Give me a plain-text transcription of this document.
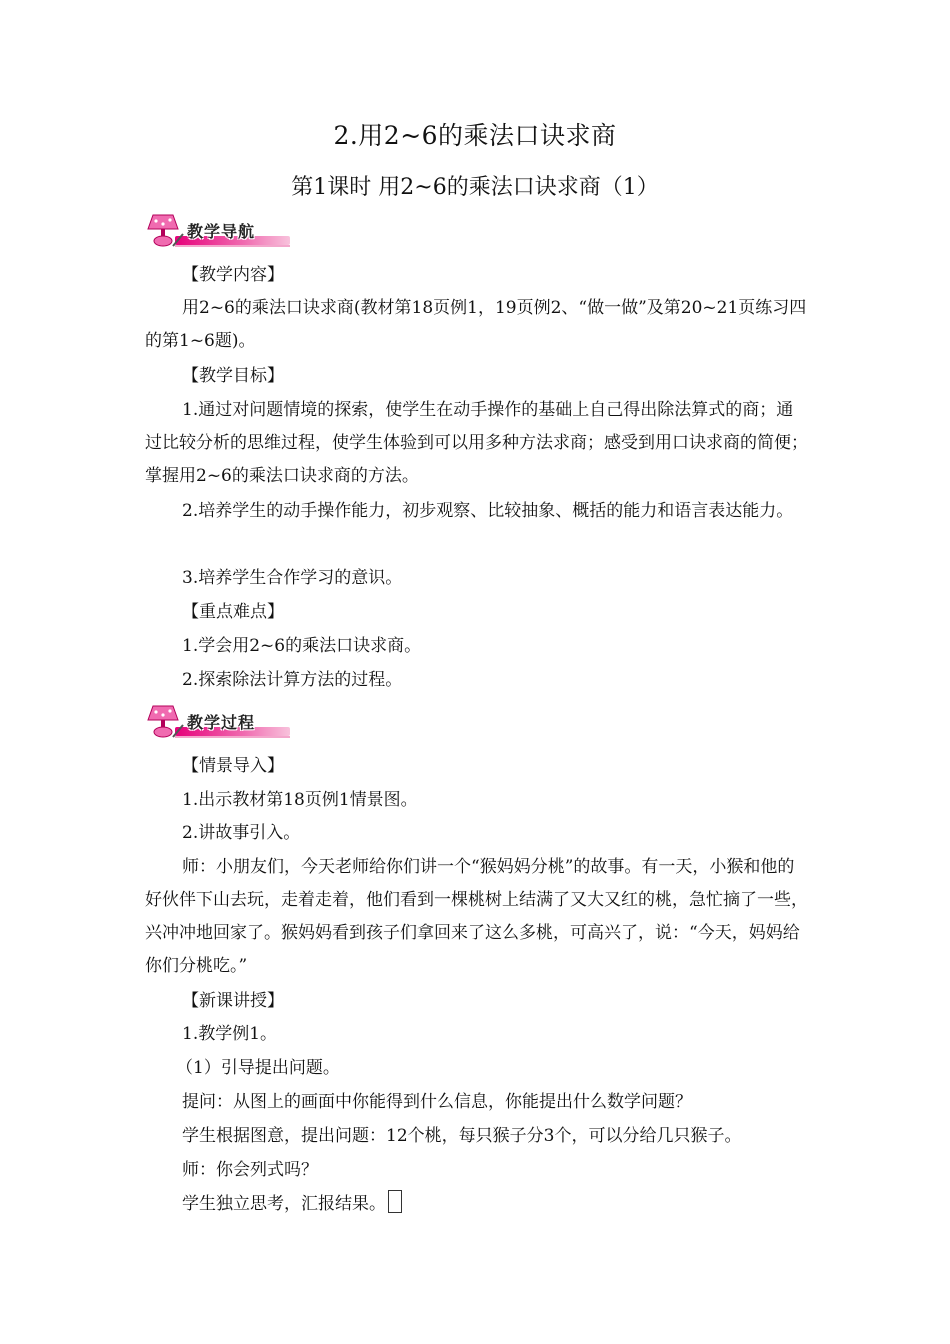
2.用2~6的乘法口诀求商
第1课时 用2~6的乘法口诀求商（1）
教学导航
【教学内容】
用2~6的乘法口诀求商(教材第18页例1，19页例2、“做一做”及第20~21页练习四的第1~6题)。
【教学目标】
1.通过对问题情境的探索，使学生在动手操作的基础上自己得出除法算式的商；通过比较分析的思维过程，使学生体验到可以用多种方法求商；感受到用口诀求商的简便；掌握用2~6的乘法口诀求商的方法。
2.培养学生的动手操作能力，初步观察、比较抽象、概括的能力和语言表达能力。
3.培养学生合作学习的意识。
【重点难点】
1.学会用2~6的乘法口诀求商。
2.探索除法计算方法的过程。
教学过程
【情景导入】
1.出示教材第18页例1情景图。
2.讲故事引入。
师：小朋友们，今天老师给你们讲一个“猴妈妈分桃”的故事。有一天，小猴和他的好伙伴下山去玩，走着走着，他们看到一棵桃树上结满了又大又红的桃，急忙摘了一些，兴冲冲地回家了。猴妈妈看到孩子们拿回来了这么多桃，可高兴了，说：“今天，妈妈给你们分桃吃。”
【新课讲授】
1.教学例1。
（1）引导提出问题。
提问：从图上的画面中你能得到什么信息，你能提出什么数学问题？
学生根据图意，提出问题：12个桃，每只猴子分3个，可以分给几只猴子。
师：你会列式吗？
学生独立思考，汇报结果。
